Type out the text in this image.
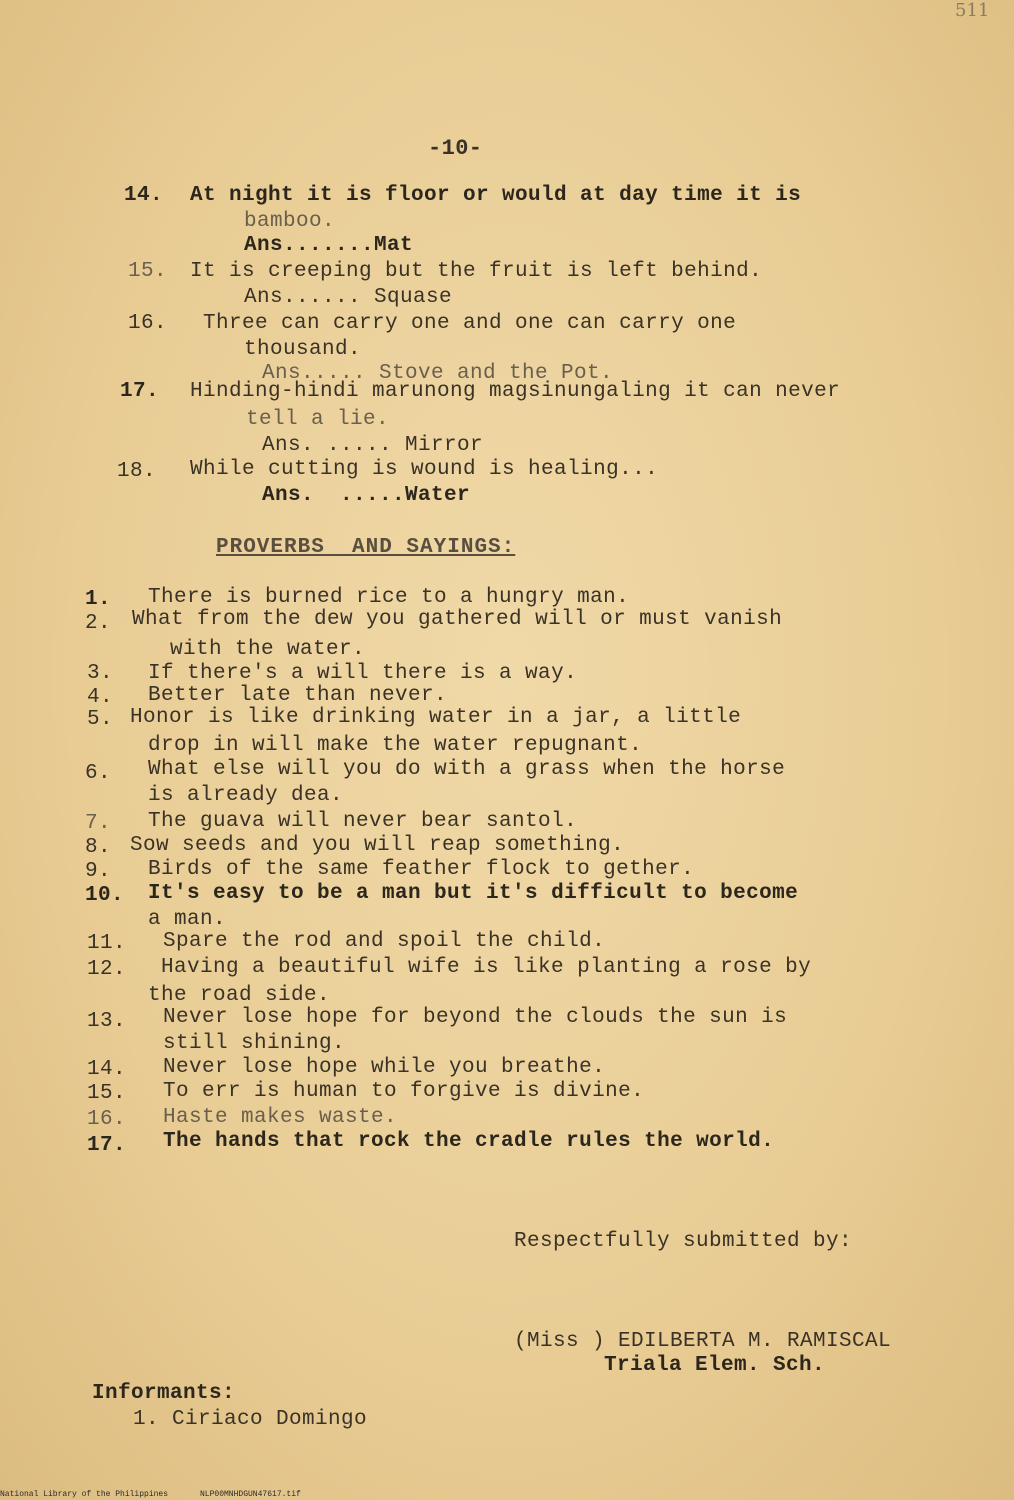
511
-10-
14. At night it is floor or would at day time it is
bamboo.
Ans.......Mat
15. It is creeping but the fruit is left behind.
Ans...... Squase
16. Three can carry one and one can carry one
thousand.
Ans..... Stove and the Pot.
17. Hinding-hindi marunong magsinungaling it can never
tell a lie.
Ans. ..... Mirror
18. While cutting is wound is healing...
Ans.  .....Water
PROVERBS  AND SAYINGS:
1. There is burned rice to a hungry man.
2. What from the dew you gathered will or must vanish
with the water.
3. If there's a will there is a way.
4. Better late than never.
5. Honor is like drinking water in a jar, a little
drop in will make the water repugnant.
6. What else will you do with a grass when the horse
is already dea.
7. The guava will never bear santol.
8. Sow seeds and you will reap something.
9. Birds of the same feather flock to gether.
10. It's easy to be a man but it's difficult to become
a man.
11. Spare the rod and spoil the child.
12. Having a beautiful wife is like planting a rose by
the road side.
13. Never lose hope for beyond the clouds the sun is
still shining.
14. Never lose hope while you breathe.
15. To err is human to forgive is divine.
16. Haste makes waste.
17. The hands that rock the cradle rules the world.
Respectfully submitted by:
(Miss ) EDILBERTA M. RAMISCAL
Triala Elem. Sch.
Informants:
1. Ciriaco Domingo
National Library of the Philippines	NLP00MNHDGUN47617.tif
